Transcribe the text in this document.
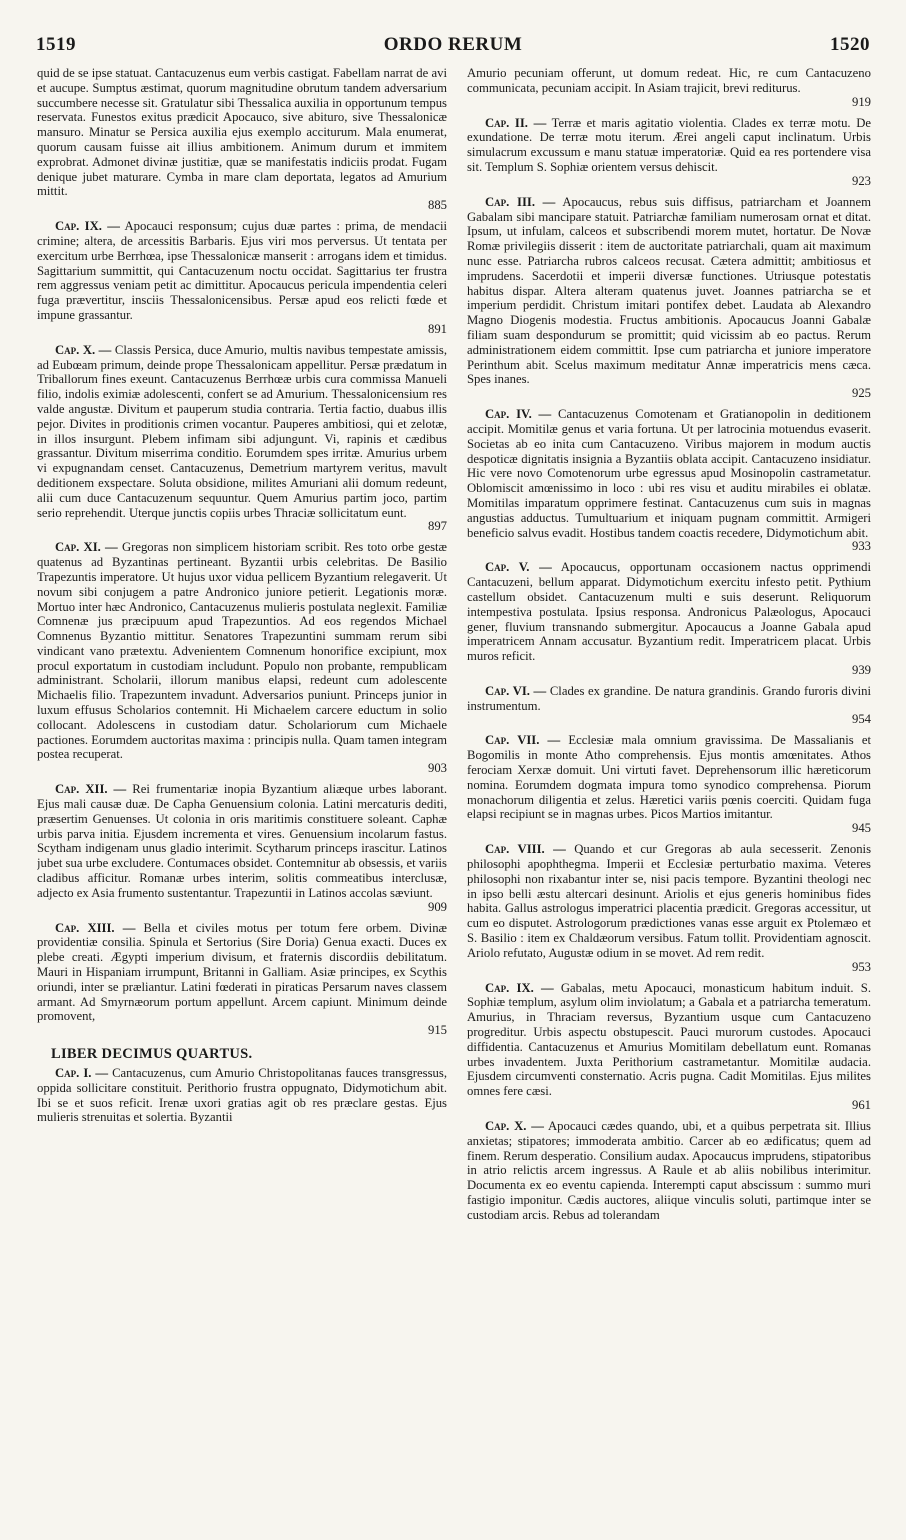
1519	ORDO RERUM	1520

quid de se ipse statuat. Cantacuzenus eum verbis castigat. Fabellam narrat de avi et aucupe. Sumptus æstimat, quorum magnitudine obrutum tandem adversarium succumbere necesse sit. Gratulatur sibi Thessalica auxilia in opportunum tempus reservata. Funestos exitus prædicit Apocauco, sive abituro, sive Thessalonicæ mansuro. Minatur se Persica auxilia ejus exemplo acciturum. Mala enumerat, quorum causam fuisse ait illius ambitionem. Animum durum et immitem exprobrat. Admonet divinæ justitiæ, quæ se manifestatis indiciis prodat. Fugam denique jubet maturare. Cymba in mare clam deportata, legatos ad Amurium mittit.
885

Cap. IX. — Apocauci responsum; cujus duæ partes : prima, de mendacii crimine; altera, de arcessitis Barbaris. Ejus viri mos perversus. Ut tentata per exercitum urbe Berrhœa, ipse Thessalonicæ manserit : arrogans idem et timidus. Sagittarium summittit, qui Cantacuzenum noctu occidat. Sagittarius ter frustra rem aggressus veniam petit ac dimittitur. Apocaucus pericula impendentia celeri fuga prævertitur, insciis Thessalonicensibus. Persæ apud eos relicti fœde et impune grassantur.
891

Cap. X. — Classis Persica, duce Amurio, multis navibus tempestate amissis, ad Eubœam primum, deinde prope Thessalonicam appellitur. Persæ prædatum in Triballorum fines exeunt. Cantacuzenus Berrhœæ urbis cura commissa Manueli filio, indolis eximiæ adolescenti, confert se ad Amurium. Thessalonicensium res valde angustæ. Divitum et pauperum studia contraria. Tertia factio, duabus illis pejor. Divites in proditionis crimen vocantur. Pauperes ambitiosi, qui et zelotæ, in illos insurgunt. Plebem infimam sibi adjungunt. Vi, rapinis et cædibus grassantur. Divitum miserrima conditio. Eorumdem spes irritæ. Amurius urbem vi expugnandam censet. Cantacuzenus, Demetrium martyrem veritus, mavult deditionem exspectare. Soluta obsidione, milites Amuriani alii domum redeunt, alii cum duce Cantacuzenum sequuntur. Quem Amurius partim joco, partim serio reprehendit. Uterque junctis copiis urbes Thraciæ sollicitatum eunt.
897

Cap. XI. — Gregoras non simplicem historiam scribit. Res toto orbe gestæ quatenus ad Byzantinas pertineant. Byzantii urbis celebritas. De Basilio Trapezuntis imperatore. Ut hujus uxor vidua pellicem Byzantium relegaverit. Ut novum sibi conjugem a patre Andronico juniore petierit. Legationis moræ. Mortuo inter hæc Andronico, Cantacuzenus mulieris postulata neglexit. Familiæ Comnenæ jus præcipuum apud Trapezuntios. Ad eos regendos Michael Comnenus Byzantio mittitur. Senatores Trapezuntini summam rerum sibi vindicant vano prætextu. Advenientem Comnenum honorifice excipiunt, mox procul exportatum in custodiam includunt. Populo non probante, rempublicam administrant. Scholarii, illorum manibus elapsi, redeunt cum adolescente Michaelis filio. Trapezuntem invadunt. Adversarios puniunt. Princeps junior in luxum effusus Scholarios contemnit. Hi Michaelem carcere eductum in solio collocant. Adolescens in custodiam datur. Scholariorum cum Michaele pactiones. Eorumdem auctoritas maxima : principis nulla. Quam tamen integram postea recuperat.
903

Cap. XII. — Rei frumentariæ inopia Byzantium aliæque urbes laborant. Ejus mali causæ duæ. De Capha Genuensium colonia. Latini mercaturis dediti, præsertim Genuenses. Ut colonia in oris maritimis constituere soleant. Caphæ urbis parva initia. Ejusdem incrementa et vires. Genuensium incolarum fastus. Scytham indigenam unus gladio interimit. Scytharum princeps irascitur. Latinos jubet sua urbe excludere. Contumaces obsidet. Contemnitur ab obsessis, et variis cladibus afficitur. Romanæ urbes interim, solitis commeatibus interclusæ, adjecto ex Asia frumento sustentantur. Trapezuntii in Latinos accolas sæviunt.
909

Cap. XIII. — Bella et civiles motus per totum fere orbem. Divinæ providentiæ consilia. Spinula et Sertorius (Sire Doria) Genua exacti. Duces ex plebe creati. Ægypti imperium divisum, et fraternis discordiis debilitatum. Mauri in Hispaniam irrumpunt, Britanni in Galliam. Asiæ principes, ex Scythis oriundi, inter se præliantur. Latini fœderati in piraticas Persarum naves classem armant. Ad Smyrnæorum portum appellunt. Arcem capiunt. Minimum deinde promovent,
915

LIBER DECIMUS QUARTUS.

Cap. I. — Cantacuzenus, cum Amurio Christopolitanas fauces transgressus, oppida sollicitare constituit. Perithorio frustra oppugnato, Didymotichum abit. Ibi se et suos reficit. Irenæ uxori gratias agit ob res præclare gestas. Ejus mulieris strenuitas et solertia. Byzantii

Amurio pecuniam offerunt, ut domum redeat. Hic, re cum Cantacuzeno communicata, pecuniam accipit. In Asiam trajicit, brevi rediturus.
919

Cap. II. — Terræ et maris agitatio violentia. Clades ex terræ motu. De exundatione. De terræ motu iterum. Ærei angeli caput inclinatum. Urbis simulacrum excussum e manu statuæ imperatoriæ. Quid ea res portendere visa sit. Templum S. Sophiæ orientem versus dehiscit.
923

Cap. III. — Apocaucus, rebus suis diffisus, patriarcham et Joannem Gabalam sibi mancipare statuit. Patriarchæ familiam numerosam ornat et ditat. Ipsum, ut infulam, calceos et subscribendi morem mutet, hortatur. De Novæ Romæ privilegiis disserit : item de auctoritate patriarchali, quam ait maximum nunc esse. Patriarcha rubros calceos recusat. Cætera admittit; ambitiosus et imprudens. Sacerdotii et imperii diversæ functiones. Utriusque potestatis habitus dispar. Altera alteram quatenus juvet. Joannes patriarcha se et imperium perdidit. Christum imitari pontifex debet. Laudata ab Alexandro Magno Diogenis modestia. Fructus ambitionis. Apocaucus Joanni Gabalæ filiam suam despondurum se promittit; quid vicissim ab eo pactus. Rerum administrationem eidem committit. Ipse cum patriarcha et juniore imperatore Perinthum abit. Scelus maximum meditatur Annæ imperatricis mens cæca. Spes inanes.
925

Cap. IV. — Cantacuzenus Comotenam et Gratianopolin in deditionem accipit. Momitilæ genus et varia fortuna. Ut per latrocinia motuendus evaserit. Societas ab eo inita cum Cantacuzeno. Viribus majorem in modum auctis despoticæ dignitatis insignia a Byzantiis oblata accipit. Cantacuzeno insidiatur. Hic vere novo Comotenorum urbe egressus apud Mosinopolin castrametatur. Oblomiscit amœnissimo in loco : ubi res visu et auditu mirabiles ei oblatæ. Momitilas imparatum opprimere festinat. Cantacuzenus cum suis in magnas angustias adductus. Tumultuarium et iniquam pugnam committit. Armigeri beneficio salvus evadit. Hostibus tandem coactis recedere, Didymotichum abit.
933

Cap. V. — Apocaucus, opportunam occasionem nactus opprimendi Cantacuzeni, bellum apparat. Didymotichum exercitu infesto petit. Pythium castellum obsidet. Cantacuzenum multi e suis deserunt. Reliquorum intempestiva postulata. Ipsius responsa. Andronicus Palæologus, Apocauci gener, fluvium transnando submergitur. Apocaucus a Joanne Gabala apud imperatricem Annam accusatur. Byzantium redit. Imperatricem placat. Urbis muros reficit.
939

Cap. VI. — Clades ex grandine. De natura grandinis. Grando furoris divini instrumentum.
954

Cap. VII. — Ecclesiæ mala omnium gravissima. De Massalianis et Bogomilis in monte Atho comprehensis. Ejus montis amœnitates. Athos ferociam Xerxæ domuit. Uni virtuti favet. Deprehensorum illic hæreticorum nomina. Eorumdem dogmata impura tomo synodico comprehensa. Piorum monachorum diligentia et zelus. Hæretici variis pœnis coerciti. Quidam fuga elapsi recipiunt se in magnas urbes. Picos Martios imitantur.
945

Cap. VIII. — Quando et cur Gregoras ab aula secesserit. Zenonis philosophi apophthegma. Imperii et Ecclesiæ perturbatio maxima. Veteres philosophi non rixabantur inter se, nisi pacis tempore. Byzantini theologi nec in ipso belli æstu altercari desinunt. Ariolis et ejus generis hominibus fides habita. Gallus astrologus imperatrici placentia prædicit. Gregoras accessitur, ut cum eo disputet. Astrologorum prædictiones vanas esse arguit ex Ptolemæo et S. Basilio : item ex Chaldæorum versibus. Fatum tollit. Providentiam agnoscit. Ariolo refutato, Augustæ odium in se movet. Ad rem redit.
953

Cap. IX. — Gabalas, metu Apocauci, monasticum habitum induit. S. Sophiæ templum, asylum olim inviolatum; a Gabala et a patriarcha temeratum. Amurius, in Thraciam reversus, Byzantium usque cum Cantacuzeno progreditur. Urbis aspectu obstupescit. Pauci murorum custodes. Apocauci diffidentia. Cantacuzenus et Amurius Momitilam debellatum eunt. Romanas urbes invadentem. Juxta Perithorium castrametantur. Momitilæ audacia. Ejusdem circumventi consternatio. Acris pugna. Cadit Momitilas. Ejus milites omnes fere cæsi.
961

Cap. X. — Apocauci cædes quando, ubi, et a quibus perpetrata sit. Illius anxietas; stipatores; immoderata ambitio. Carcer ab eo ædificatus; quem ad finem. Rerum desperatio. Consilium audax. Apocaucus imprudens, stipatoribus in atrio relictis arcem ingressus. A Raule et ab aliis nobilibus interimitur. Documenta ex eo eventu capienda. Interempti caput abscissum : summo muri fastigio imponitur. Cædis auctores, aliique vinculis soluti, partimque inter se custodiam arcis. Rebus ad tolerandam
